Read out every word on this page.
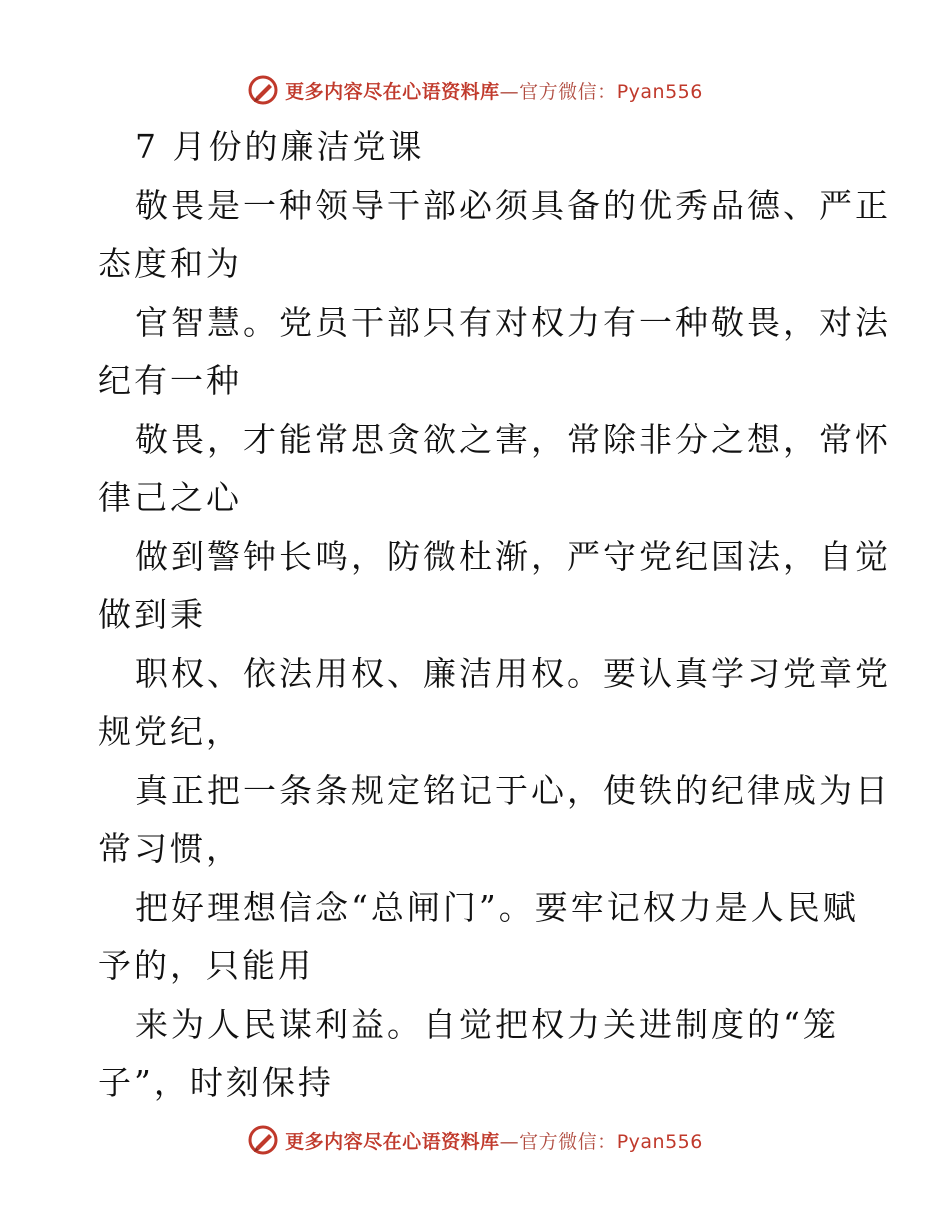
更多内容尽在心语资料库—官方微信：Pyan556
7 月份的廉洁党课
敬畏是一种领导干部必须具备的优秀品德、严正
态度和为
官智慧。党员干部只有对权力有一种敬畏，对法
纪有一种
敬畏，才能常思贪欲之害，常除非分之想，常怀
律己之心
做到警钟长鸣，防微杜渐，严守党纪国法，自觉
做到秉
职权、依法用权、廉洁用权。要认真学习党章党
规党纪，
真正把一条条规定铭记于心，使铁的纪律成为日
常习惯，
把好理想信念“总闸门”。要牢记权力是人民赋
予的，只能用
来为人民谋利益。自觉把权力关进制度的“笼
子”，时刻保持
更多内容尽在心语资料库—官方微信：Pyan556
